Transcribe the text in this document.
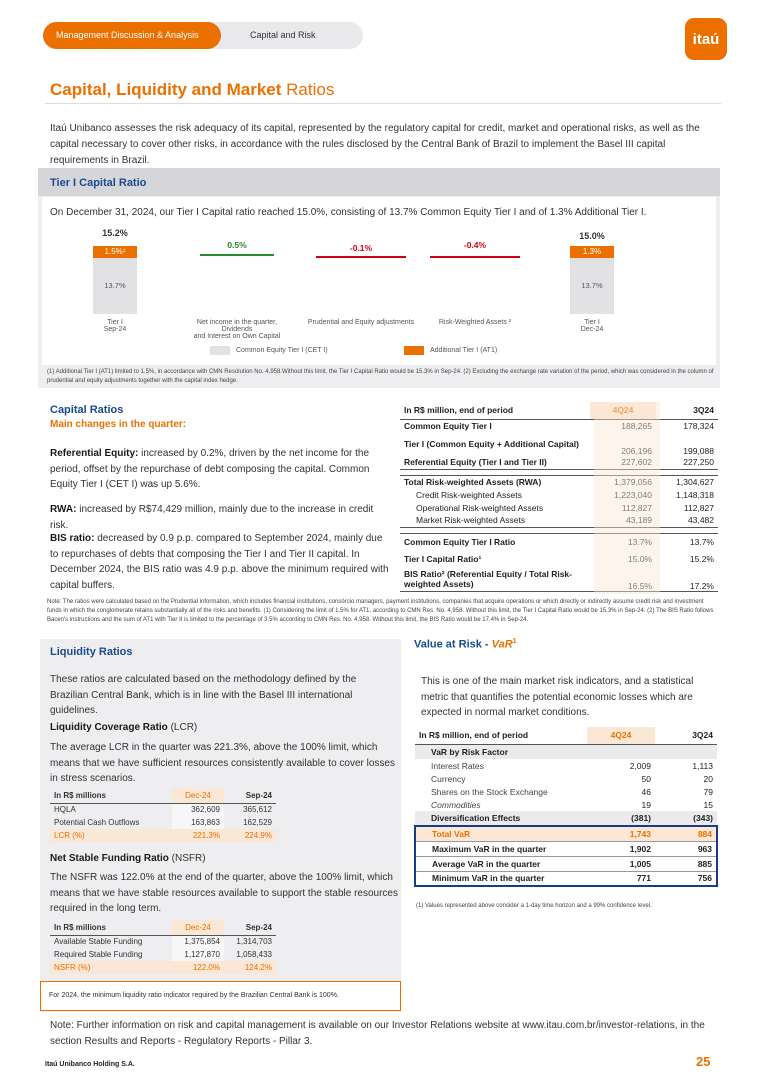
Management Discussion & Analysis	Capital and Risk	itaú
Capital, Liquidity and Market Ratios
Itaú Unibanco assesses the risk adequacy of its capital, represented by the regulatory capital for credit, market and operational risks, as well as the capital necessary to cover other risks, in accordance with the rules disclosed by the Central Bank of Brazil to implement the Basel III capital requirements in Brazil.
Tier I Capital Ratio
On December 31, 2024, our Tier I Capital ratio reached 15.0%, consisting of 13.7% Common Equity Tier I and of 1.3% Additional Tier I.
15.2%
1.5%¹
13.7%
0.5%	-0.1%	-0.4%
15.0%
1.3%
13.7%
Tier I
Sep-24
Net income in the quarter, Dividends
and Interest on Own Capital
Prudential and Equity adjustments	Risk-Weighted Assets ²	Tier I
Dec-24
Common Equity Tier I (CET I)	Additional Tier I (AT1)
(1) Additional Tier I (AT1) limited to 1.5%, in accordance with CMN Resolution No. 4,958.Without this limit, the Tier I Capital Ratio would be 15.3% in Sep-24. (2) Excluding the exchange rate variation of the period, which was considered in the column of prudential and equity adjustments together with the capital index hedge.
Capital Ratios
Main changes in the quarter:
Referential Equity: increased by 0.2%, driven by the net income for the period, offset by the repurchase of debt composing the capital. Common Equity Tier I (CET I) was up 5.6%.
RWA: increased by R$74,429 million, mainly due to the increase in credit risk.
BIS ratio: decreased by 0.9 p.p. compared to September 2024, mainly due to repurchases of debts that composing the Tier I and Tier II capital. In December 2024, the BIS ratio was 4.9 p.p. above the minimum required with capital buffers.
In R$ million, end of period	4Q24	3Q24
Common Equity Tier I	188,265	178,324
Tier I (Common Equity + Additional Capital)	206,196	199,088
Referential Equity (Tier I and Tier II)	227,602	227,250

Total Risk-weighted Assets (RWA)	1,379,056	1,304,627
Credit Risk-weighted Assets	1,223,040	1,148,318
Operational Risk-weighted Assets	112,827	112,827
Market Risk-weighted Assets	43,189	43,482

Common Equity Tier I Ratio	13.7%	13.7%
Tier I Capital Ratio¹	15.0%	15.2%
BIS Ratio² (Referential Equity / Total Risk-weighted Assets)	16.5%	17.2%
Note: The ratios were calculated based on the Prudential information, which includes financial institutions, consórcio managers, payment institutions, companies that acquire operations or which directly or indirectly assume credit risk and investment funds in which the conglomerate retains substantially all of the risks and benefits. (1) Considering the limit of 1.5% for AT1, according to CMN Res. No. 4,958. Without this limit, the Tier I Capital Ratio would be 15.3% in Sep-24. (2) The BIS Ratio follows Bacen's instructions and the sum of AT1 with Tier II is limited to the percentage of 3.5% according to CMN Res. No. 4,958. Without this limit, the BIS Ratio would be 17.4% in Sep-24.
Liquidity Ratios
These ratios are calculated based on the methodology defined by the Brazilian Central Bank, which is in line with the Basel III international guidelines.
Liquidity Coverage Ratio (LCR)
The average LCR in the quarter was 221.3%, above the 100% limit, which means that we have sufficient resources consistently available to cover losses in stress scenarios.
In R$ millions	Dec-24	Sep-24
HQLA	362,609	365,612
Potential Cash Outflows	163,863	162,529
LCR (%)	221.3%	224.9%
Net Stable Funding Ratio (NSFR)
The NSFR was 122.0% at the end of the quarter, above the 100% limit, which means that we have stable resources available to support the stable resources required in the long term.
In R$ millions	Dec-24	Sep-24
Available Stable Funding	1,375,854	1,314,703
Required Stable Funding	1,127,870	1,058,433
NSFR (%)	122.0%	124.2%
For 2024, the minimum liquidity ratio indicator required by the Brazilian Central Bank is 100%.
Value at Risk - VaR$^1$
This is one of the main market risk indicators, and a statistical metric that quantifies the potential economic losses which are expected in normal market conditions.
In R$ million, end of period	4Q24	3Q24
VaR by Risk Factor		
Interest Rates	2,009	1,113
Currency	50	20
Shares on the Stock Exchange	46	79
Commodities	19	15
Diversification Effects	(381)	(343)
Total VaR	1,743	884
Maximum VaR in the quarter	1,902	963
Average VaR in the quarter	1,005	885
Minimum VaR in the quarter	771	756
(1) Values represented above consider a 1-day time horizon and a 99% confidence level.
Note: Further information on risk and capital management is available on our Investor Relations website at www.itau.com.br/investor-relations, in the section Results and Reports - Regulatory Reports - Pillar 3.
Itaú Unibanco Holding S.A.	25
